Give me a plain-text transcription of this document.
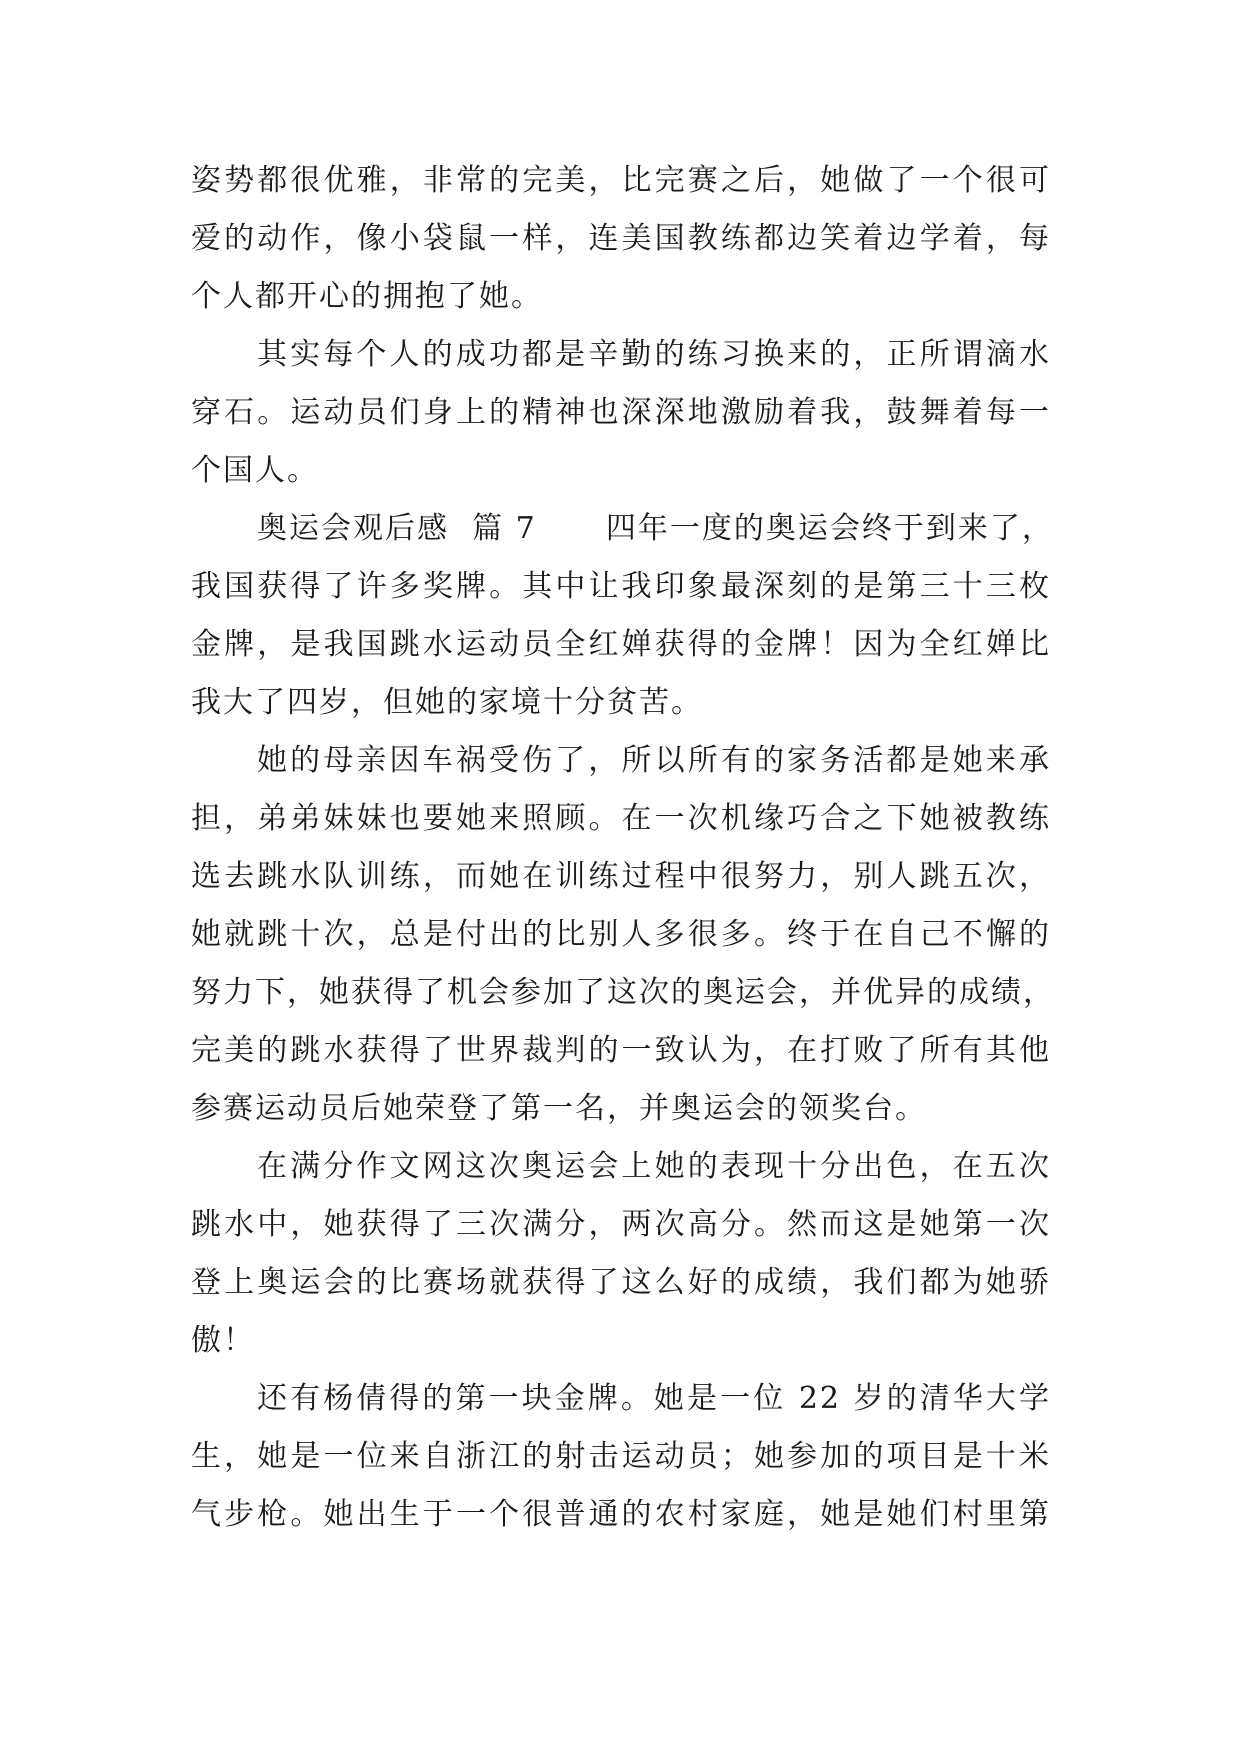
姿势都很优雅，非常的完美，比完赛之后，她做了一个很可
爱的动作，像小袋鼠一样，连美国教练都边笑着边学着，每
个人都开心的拥抱了她。
其实每个人的成功都是辛勤的练习换来的，正所谓滴水
穿石。运动员们身上的精神也深深地激励着我，鼓舞着每一
个国人。
奥运会观后感  篇 7      四年一度的奥运会终于到来了，
我国获得了许多奖牌。其中让我印象最深刻的是第三十三枚
金牌，是我国跳水运动员全红婵获得的金牌！因为全红婵比
我大了四岁，但她的家境十分贫苦。
她的母亲因车祸受伤了，所以所有的家务活都是她来承
担，弟弟妹妹也要她来照顾。在一次机缘巧合之下她被教练
选去跳水队训练，而她在训练过程中很努力，别人跳五次，
她就跳十次，总是付出的比别人多很多。终于在自己不懈的
努力下，她获得了机会参加了这次的奥运会，并优异的成绩，
完美的跳水获得了世界裁判的一致认为，在打败了所有其他
参赛运动员后她荣登了第一名，并奥运会的领奖台。
在满分作文网这次奥运会上她的表现十分出色，在五次
跳水中，她获得了三次满分，两次高分。然而这是她第一次
登上奥运会的比赛场就获得了这么好的成绩，我们都为她骄
傲！
还有杨倩得的第一块金牌。她是一位 22 岁的清华大学
生，她是一位来自浙江的射击运动员；她参加的项目是十米
气步枪。她出生于一个很普通的农村家庭，她是她们村里第
